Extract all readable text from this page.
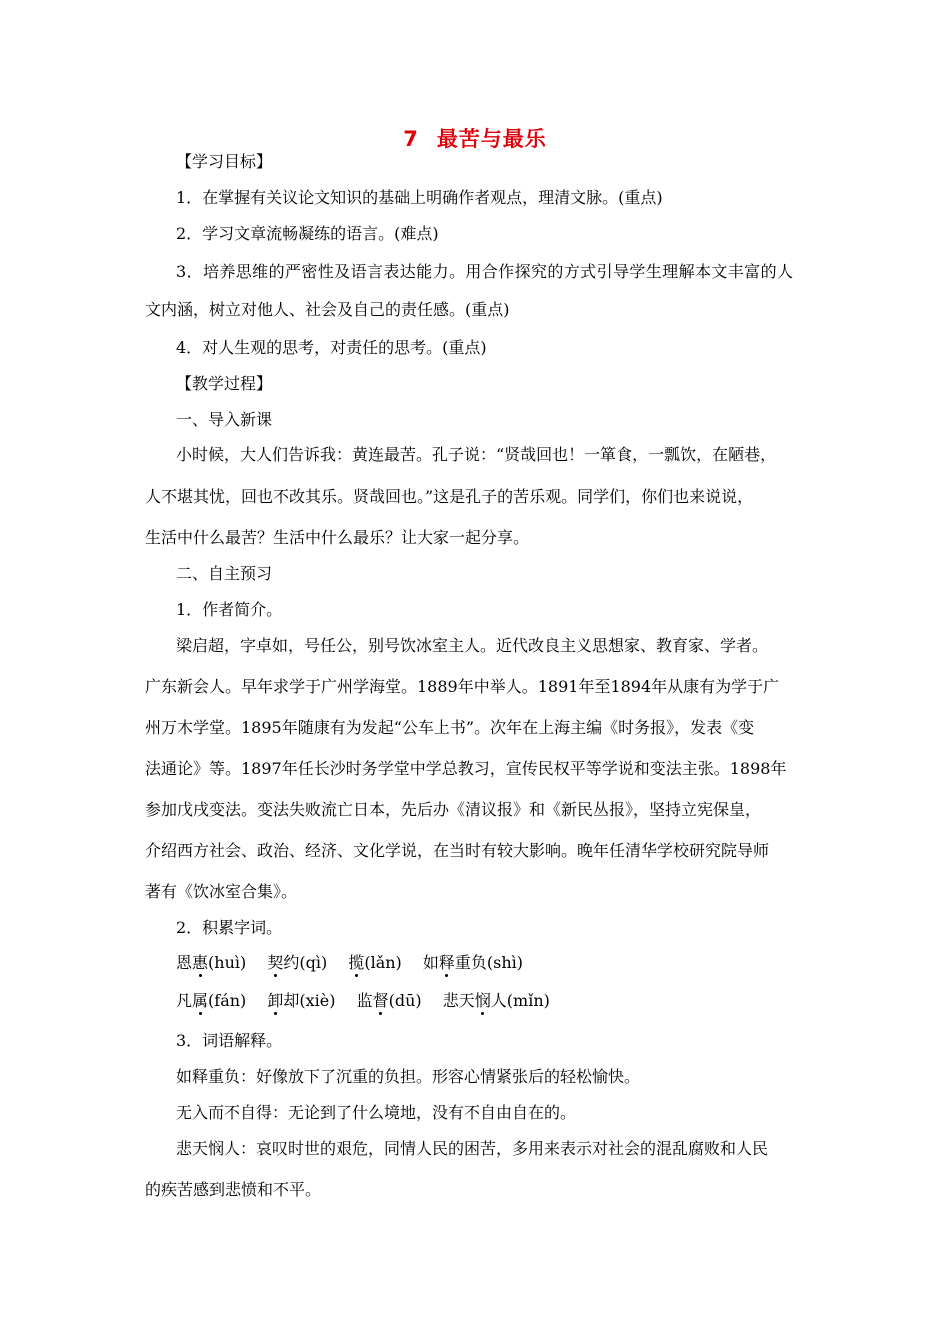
7 最苦与最乐
【学习目标】
1．在掌握有关议论文知识的基础上明确作者观点，理清文脉。(重点)
2．学习文章流畅凝练的语言。(难点)
3．培养思维的严密性及语言表达能力。用合作探究的方式引导学生理解本文丰富的人
文内涵，树立对他人、社会及自己的责任感。(重点)
4．对人生观的思考，对责任的思考。(重点)
【教学过程】
一、导入新课
小时候，大人们告诉我：黄连最苦。孔子说：“贤哉回也！一箪食，一瓢饮，在陋巷，
人不堪其忧，回也不改其乐。贤哉回也。”这是孔子的苦乐观。同学们，你们也来说说，
生活中什么最苦？生活中什么最乐？让大家一起分享。
二、自主预习
1．作者简介。
梁启超，字卓如，号任公，别号饮冰室主人。近代改良主义思想家、教育家、学者。
广东新会人。早年求学于广州学海堂。1889年中举人。1891年至1894年从康有为学于广
州万木学堂。1895年随康有为发起“公车上书”。次年在上海主编《时务报》，发表《变
法通论》等。1897年任长沙时务学堂中学总教习，宣传民权平等学说和变法主张。1898年
参加戊戌变法。变法失败流亡日本，先后办《清议报》和《新民丛报》，坚持立宪保皇，
介绍西方社会、政治、经济、文化学说，在当时有较大影响。晚年任清华学校研究院导师
著有《饮冰室合集》。
2．积累字词。
恩惠(huì) 契约(qì) 揽(lǎn) 如释重负(shì)
凡属(fán) 卸却(xiè) 监督(dū) 悲天悯人(mǐn)
3．词语解释。
如释重负：好像放下了沉重的负担。形容心情紧张后的轻松愉快。
无入而不自得：无论到了什么境地，没有不自由自在的。
悲天悯人：哀叹时世的艰危，同情人民的困苦，多用来表示对社会的混乱腐败和人民
的疾苦感到悲愤和不平。
